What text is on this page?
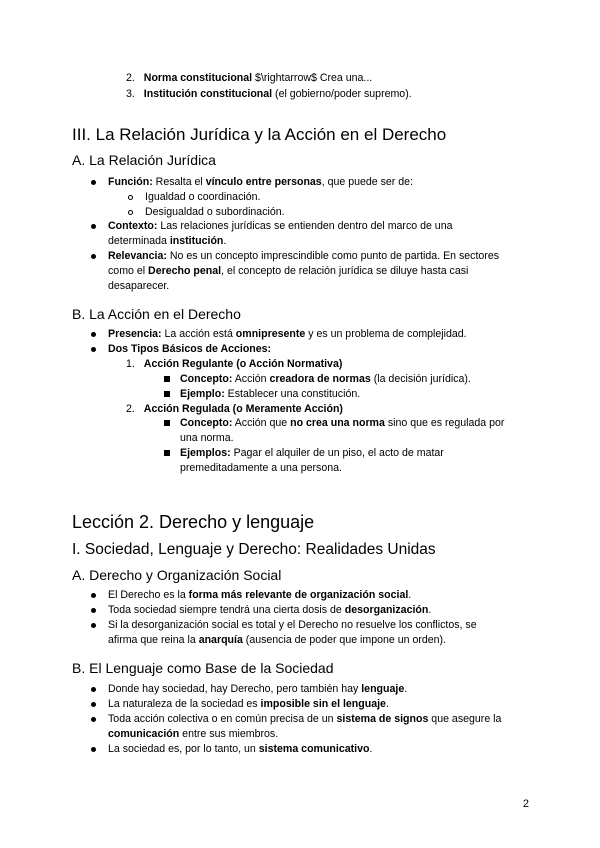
2. Norma constitucional $\rightarrow$ Crea una...
3. Institución constitucional (el gobierno/poder supremo).
III. La Relación Jurídica y la Acción en el Derecho
A. La Relación Jurídica
Función: Resalta el vínculo entre personas, que puede ser de:
Igualdad o coordinación.
Desigualdad o subordinación.
Contexto: Las relaciones jurídicas se entienden dentro del marco de una
determinada institución.
Relevancia: No es un concepto imprescindible como punto de partida. En sectores
como el Derecho penal, el concepto de relación jurídica se diluye hasta casi
desaparecer.
B. La Acción en el Derecho
Presencia: La acción está omnipresente y es un problema de complejidad.
Dos Tipos Básicos de Acciones:
1. Acción Regulante (o Acción Normativa)
Concepto: Acción creadora de normas (la decisión jurídica).
Ejemplo: Establecer una constitución.
2. Acción Regulada (o Meramente Acción)
Concepto: Acción que no crea una norma sino que es regulada por
una norma.
Ejemplos: Pagar el alquiler de un piso, el acto de matar
premeditadamente a una persona.
Lección 2. Derecho y lenguaje
I. Sociedad, Lenguaje y Derecho: Realidades Unidas
A. Derecho y Organización Social
El Derecho es la forma más relevante de organización social.
Toda sociedad siempre tendrá una cierta dosis de desorganización.
Si la desorganización social es total y el Derecho no resuelve los conflictos, se
afirma que reina la anarquía (ausencia de poder que impone un orden).
B. El Lenguaje como Base de la Sociedad
Donde hay sociedad, hay Derecho, pero también hay lenguaje.
La naturaleza de la sociedad es imposible sin el lenguaje.
Toda acción colectiva o en común precisa de un sistema de signos que asegure la
comunicación entre sus miembros.
La sociedad es, por lo tanto, un sistema comunicativo.
2
